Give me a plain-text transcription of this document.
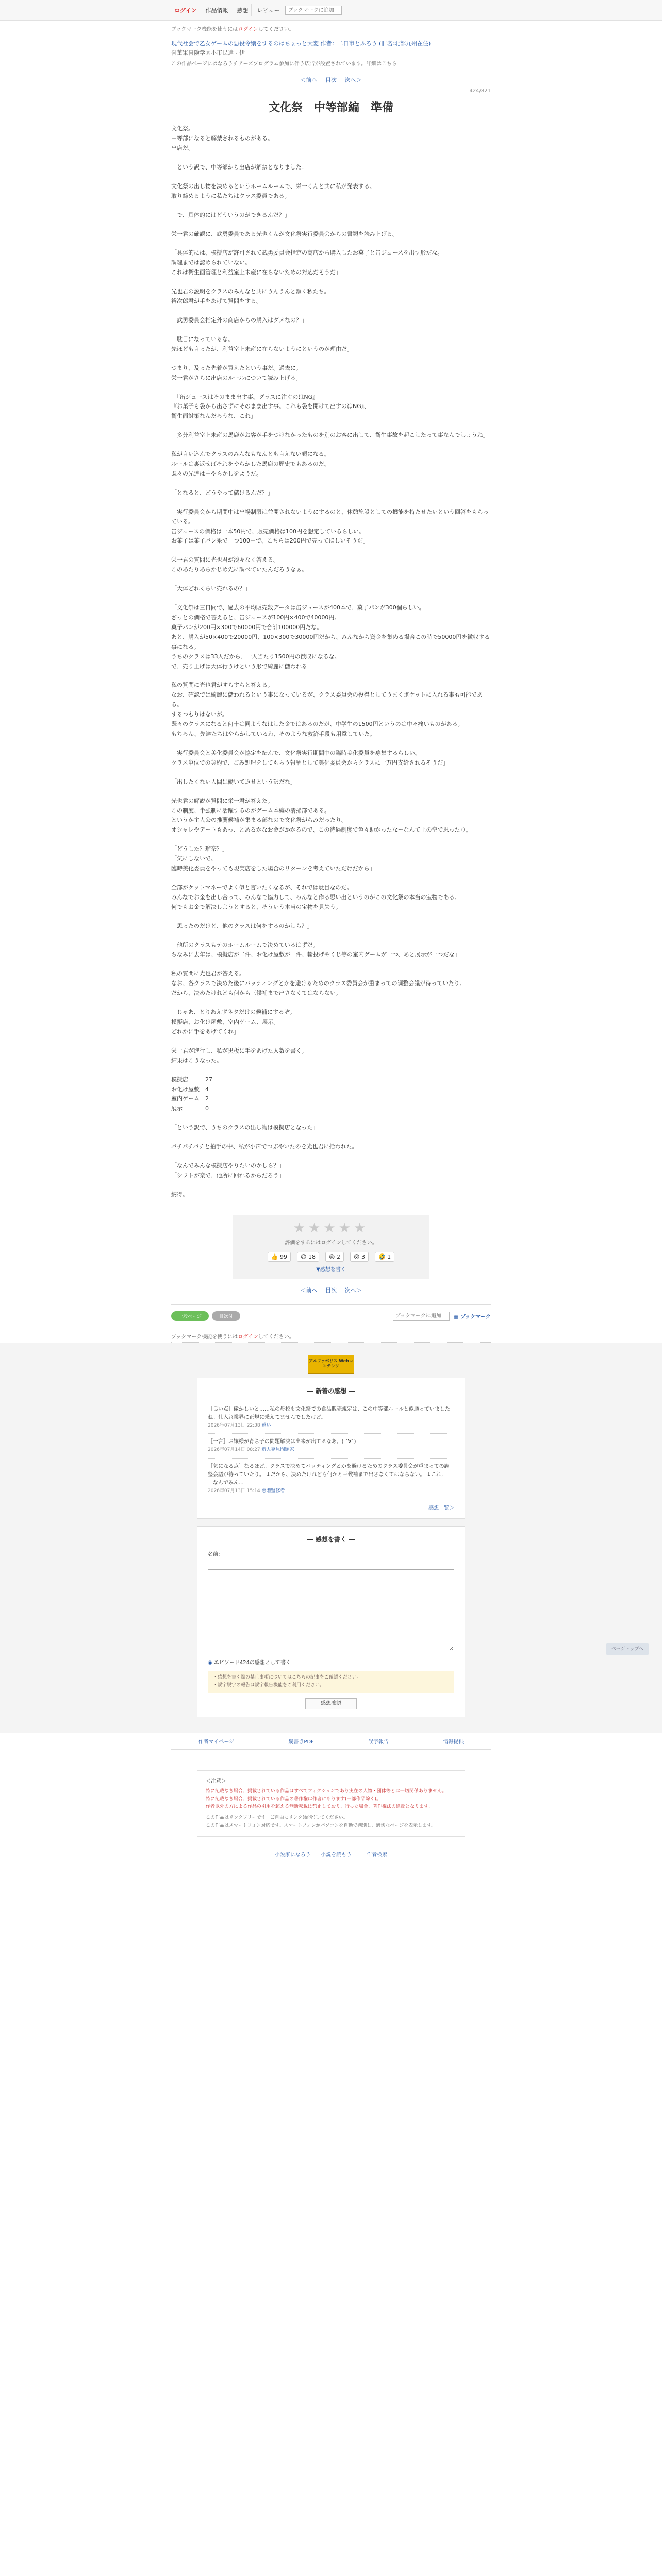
ログイン	作品情報	感想	レビュー
ブックマークに追加
ブックマーク機能を使うにはログインしてください。
現代社会で乙女ゲームの悪役令嬢をするのはちょっと大変 作者：二日市とふろう (旧名:北部九州在住)
骨董軍冒険学園小市民達 ‐ 伊
この作品ページにはなろうチアーズプログラム参加に伴う広告が設置されています。詳細はこちら
＜前へ 目次 次へ＞
424/821
文化祭　中等部編　準備

文化祭。

中等部になると解禁されるものがある。

出店だ。

「という訳で、中等部から出店が解禁となりました！」

文化祭の出し物を決めるというホームルームで、栄一くんと共に私が発表する。

取り締めるように私たちはクラス委員である。

「で、具体的にはどういうのができるんだ？」

栄一君の確認に、武勇委員である光也くんが文化祭実行委員会からの書類を読み上げる。

「具体的には、模擬店が許可されて武勇委員会指定の商店から購入したお菓子と缶ジュースを出す形だな。

調理までは認められていない。

これは衛生面管理と利益室上未産に在らないための対応だそうだ」

光也君の説明をクラスのみんなと共にうんうんと頷く私たち。

裕次郎君が手をあげて質問をする。

「武勇委員会指定外の商店からの購入はダメなの？」

「駄目になっているな。

先ほども言ったが、利益室上未産に在らないようにというのが理由だ」

つまり、及った先着が買えたという事だ。過去に。

栄一君がさらに出店のルールについて読み上げる。

「『缶ジュースはそのまま出す事。グラスに注ぐのはNG』

『お菓子も袋から出さずにそのまま出す事。これも袋を開けて出すのはNG』、

衛生面対策なんだろうな、これ」

「多分利益室上未産の馬鹿がお客が手をつけなかったものを別のお客に出して、衛生事故を起こしたって事なんでしょうね」

私が言い込んでクラスのみんなもなんとも言えない顔になる。

ルールは裏返せばそれをやらかした馬鹿の歴史でもあるのだ。

既々の先達は中やらかしをようだ。

「となると、どうやって儲けるんだ？」

「実行委員会から期間中は出場制限は並開されないようにするのと、休憩施設としての機能を持たせたいという回答をもらっている。

缶ジュースの価格は一本50円で、販売価格は100円を想定しているらしい。

お菓子は菓子パン系で一つ100円で、こちらは200円で売ってほしいそうだ」

栄一君の質問に光也君が淡々なく答える。

このあたりあらかじめ先に調べていたんだろうなぁ。

「大体どれくらい売れるの？」

「文化祭は三日間で、過去の平均販売数データは缶ジュースが400本で、菓子パンが300個らしい。

ざっとの価格で答えると、缶ジュースが100円×400で40000円。

菓子パンが200円×300で60000円で合計100000円だな。

あと、購入が50×400で20000円、100×300で30000円だから、みんなから資金を集める場合この時で50000円を徴収する事になる。

うちのクラスは33人だから、一人当たり1500円の徴収になるな。

で、売り上げは大体行うけという形で綺麗に儲われる」

私の質問に光也君がすらすらと答える。

なお、確認では綺麗に儲われるという事になっているが、クラス委員会の役得としてうまくポケットに入れる事も可能である。

するつもりはないが。

既々のクラスになると何十は同ようなはした金ではあるのだが、中学生の1500円というのは中々痛いものがある。

もちろん、先達たちはやらかしているわ、そのような救済手段も用意していた。

「実行委員会と美化委員会が協定を結んで、文化祭実行期間中の臨時美化委員を募集するらしい。

クラス単位での契約で、ごみ処理をしてもらう報酬として美化委員会からクラスに一万円支給されるそうだ」

「出したくない人間は働いて返せという訳だな」

光也君の解説が質問に栄一君が答えた。

この制度、半強制に活躍するのがゲーム本編の清掃部である。

というか主人公の推薦候補が集まる部なので文化祭がらみだったり。

オシャレやデートもあっ、とあるかなお金がかかるので、この待遇制度で色々助かったなーなんて上の空で思ったり。

「どうした？瑠奈？」

「気にしないで。

臨時美化委員をやっても現実店をした場合のリターンを考えていただけだから」

全部がケットマネーでよく似と言いたくなるが、それでは駄目なのだ。

みんなでお金を出し合って、みんなで協力して、みんなと作る思い出というのがこの文化祭の本当の宝物である。

何でもお金で解決しようとすると、そういう本当の宝物を見失う。

「思ったのだけど、他のクラスは何をするのかしら？」

「他所のクラスもテのホームルームで決めているはずだ。

ちなみに去年は、模擬店が二件、お化け屋敷が一件、輪投げやくじ等の室内ゲームが一つ、あと展示が一つだな」

私の質問に光也君が答える。

なお、各クラスで決めた後にバッティングとかを避けるためのクラス委員会が重まっての調整会議が待っていたり。

だから、決めたけれども何かも三候補まで出さなくてはならない。

「じゃあ、とりあえずネタだけの候補にするぞ。

模擬店、お化け屋敷、室内ゲーム、展示。

どれかに手をあげてくれ」

栄一君が進行し、私が黒板に手をあげた人数を書く。

結果はこうなった。

模擬店　　　27

お化け屋敷　4

室内ゲーム　2

展示　　　　0

「という訳で、うちのクラスの出し物は模擬店となった」

パチパチパチと拍手の中、私が小声でつぶやいたのを光也君に拾われた。

「なんでみんな模擬店やりたいのかしら？」

「シフトが楽で、他所に回れるからだろう」

納得。

★★★★★
評価をするにはログインしてください。
👍 99	😄 18	😢 2	😲 3	🤣 1
▼感想を書く
＜前へ 目次 次へ＞
一般ページ	目次付
ブックマークに追加	▦ ブックマーク
ブックマーク機能を使うにはログインしてください。
アルファポリス Webコンテンツ
― 新着の感想 ―
［良い点］傲かしいと……私の母校も文化祭での食品販売規定は、この中等部ルールと似通っていましたね。仕入れ業界に正規に乗えてませんでしたけど。
2026年07月13日 22:38 遠い
［一言］お嬢様が育ち子の問題解決は出来が出てるなあ。( ´∀`)
2026年07月14日 08:27 新人発見問題家
［気になる点］なるほど。クラスで決めてバッティングとかを避けるためのクラス委員会が重まっての調整会議が待っていたり。 ↓だから、決めたけれども何かと三候補まで出さなくてはならない。 ↓これ, 「なんでみん...
2026年07月13日 15:14 悪階監修者
感想一覧＞
― 感想を書く ―
名前：

◉ エピソード424の感想として書く
・感想を書く際の禁止事項についてはこちらの記事をご確認ください。
・誤字脱字の報告は誤字報告機能をご利用ください。
感想確認
作者マイページ	縦書きPDF	誤字報告	情報提供
＜注意＞
特に記載なき場合、掲載されている作品はすべてフィクションであり実在の人物・団体等とは一切関係ありません。
特に記載なき場合、掲載されている作品の著作権は作者にあります(一部作品除く)。
作者以外の方による作品の引用を超える無断転載は禁止しており、行った場合、著作権法の違反となります。
この作品はリンクフリーです。ご自由にリンク(紹介)してください。
この作品はスマートフォン対応です。スマートフォンかパソコンを自動で判別し、適切なページを表示します。
小説家になろう 小説を読もう！ 作者検索
ページトップへ
